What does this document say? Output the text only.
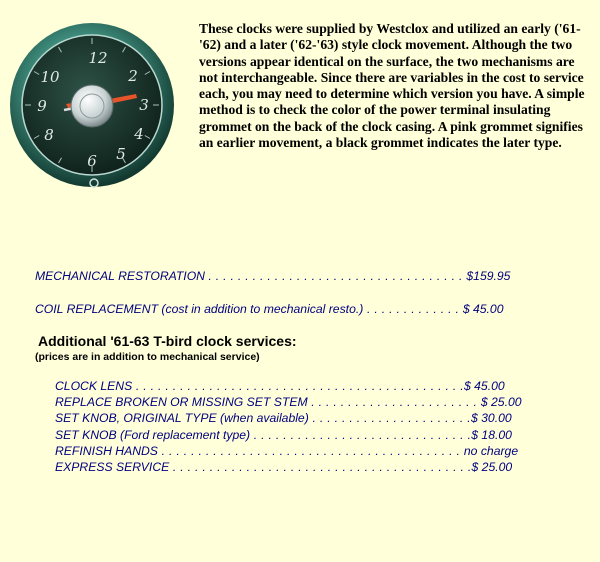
12
2
3
4
5
6
8
9
10

These clocks were supplied by Westclox and utilized an early ('61-'62) and a later ('62-'63) style clock movement. Although the two versions appear identical on the surface, the two mechanisms are not interchangeable. Since there are variables in the cost to service each, you may need to determine which version you have. A simple method is to check the color of the power terminal insulating grommet on the back of the clock casing. A pink grommet signifies an earlier movement, a black grommet indicates the later type.

MECHANICAL RESTORATION . . . . . . . . . . . . . . . . . . . . . . . . . . . . . . . . . . . $159.95
COIL REPLACEMENT (cost in addition to mechanical resto.) . . . . . . . . . . . . . $ 45.00
Additional '61-63 T-bird clock services:
(prices are in addition to mechanical service)
CLOCK LENS . . . . . . . . . . . . . . . . . . . . . . . . . . . . . . . . . . . . . . . . . . . . .$ 45.00
REPLACE BROKEN OR MISSING SET STEM . . . . . . . . . . . . . . . . . . . . . . . $ 25.00
SET KNOB, ORIGINAL TYPE (when available) . . . . . . . . . . . . . . . . . . . . . .$ 30.00
SET KNOB (Ford replacement type) . . . . . . . . . . . . . . . . . . . . . . . . . . . . . .$ 18.00
REFINISH HANDS . . . . . . . . . . . . . . . . . . . . . . . . . . . . . . . . . . . . . . . . . no charge
EXPRESS SERVICE . . . . . . . . . . . . . . . . . . . . . . . . . . . . . . . . . . . . . . . . .$ 25.00
